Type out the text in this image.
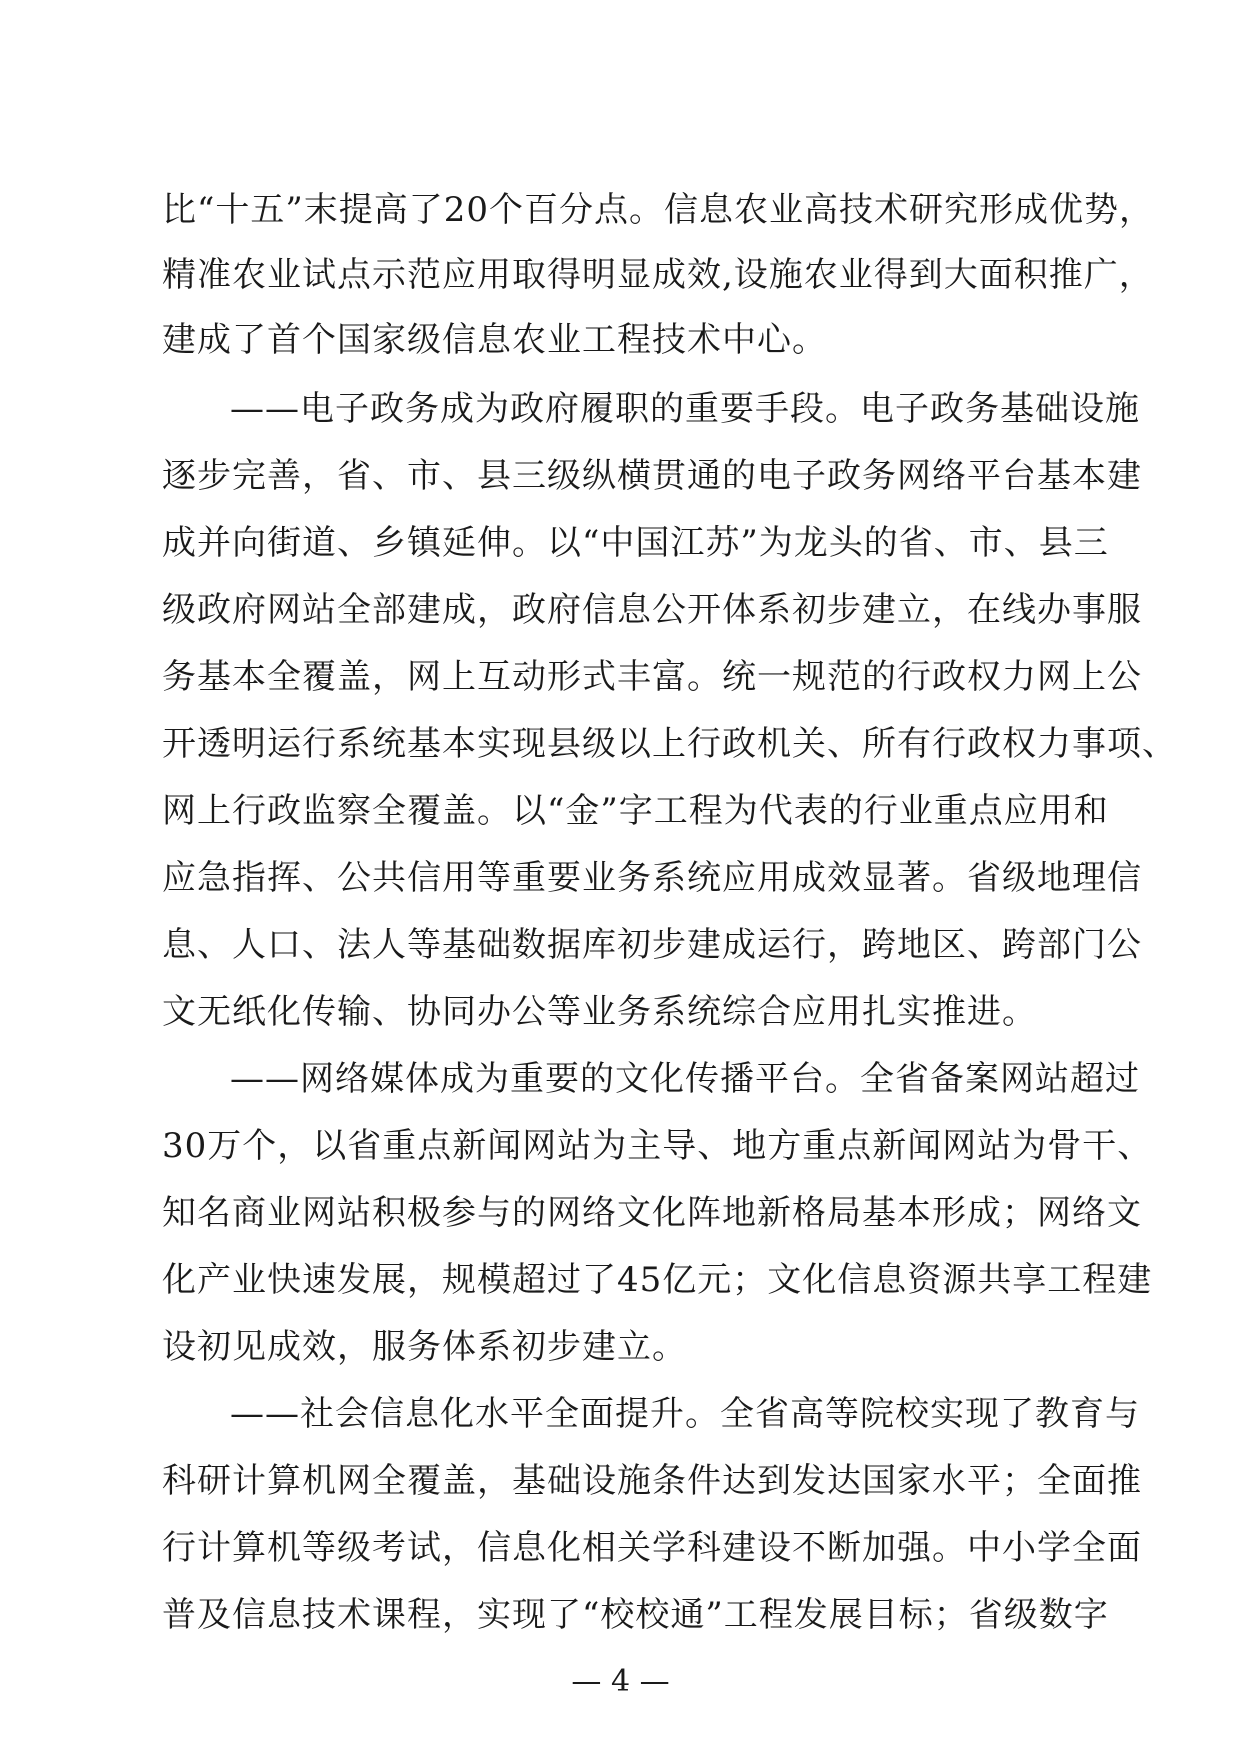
比“十五”末提高了20个百分点。信息农业高技术研究形成优势，
精准农业试点示范应用取得明显成效,设施农业得到大面积推广，
建成了首个国家级信息农业工程技术中心。
——电子政务成为政府履职的重要手段。电子政务基础设施
逐步完善，省、市、县三级纵横贯通的电子政务网络平台基本建
成并向街道、乡镇延伸。以“中国江苏”为龙头的省、市、县三
级政府网站全部建成，政府信息公开体系初步建立，在线办事服
务基本全覆盖，网上互动形式丰富。统一规范的行政权力网上公
开透明运行系统基本实现县级以上行政机关、所有行政权力事项、
网上行政监察全覆盖。以“金”字工程为代表的行业重点应用和
应急指挥、公共信用等重要业务系统应用成效显著。省级地理信
息、人口、法人等基础数据库初步建成运行，跨地区、跨部门公
文无纸化传输、协同办公等业务系统综合应用扎实推进。
——网络媒体成为重要的文化传播平台。全省备案网站超过
30万个，以省重点新闻网站为主导、地方重点新闻网站为骨干、
知名商业网站积极参与的网络文化阵地新格局基本形成；网络文
化产业快速发展，规模超过了45亿元；文化信息资源共享工程建
设初见成效，服务体系初步建立。
——社会信息化水平全面提升。全省高等院校实现了教育与
科研计算机网全覆盖，基础设施条件达到发达国家水平；全面推
行计算机等级考试，信息化相关学科建设不断加强。中小学全面
普及信息技术课程，实现了“校校通”工程发展目标；省级数字
— 4 —
